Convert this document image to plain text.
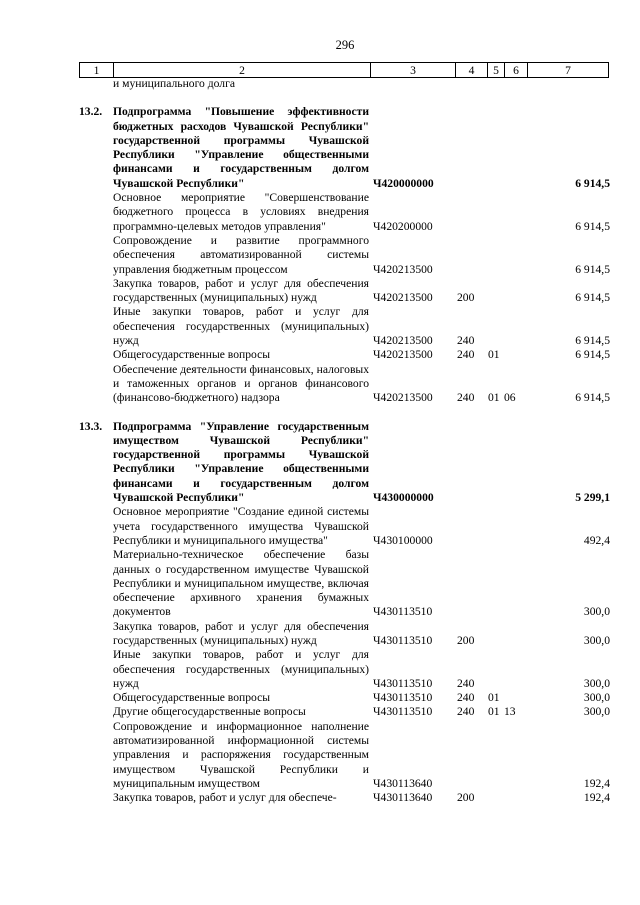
296
1	2	3	4	5	6	7
и муниципального долга
13.2. Подпрограмма "Повышение эффективности бюджетных расходов Чувашской Республики" государственной программы Чувашской Республики "Управление общественными финансами и государственным долгом Чувашской Республики"	Ч420000000	6 914,5
Основное мероприятие "Совершенствование бюджетного процесса в условиях внедрения программно-целевых методов управления"	Ч420200000	6 914,5
Сопровождение и развитие программного обеспечения автоматизированной системы управления бюджетным процессом	Ч420213500	6 914,5
Закупка товаров, работ и услуг для обеспечения государственных (муниципальных) нужд	Ч420213500	200	6 914,5
Иные закупки товаров, работ и услуг для обеспечения государственных (муниципальных) нужд	Ч420213500	240	6 914,5
Общегосударственные вопросы	Ч420213500	240	01	6 914,5
Обеспечение деятельности финансовых, налоговых и таможенных органов и органов финансового (финансово-бюджетного) надзора	Ч420213500	240	01 06	6 914,5
13.3. Подпрограмма "Управление государственным имуществом Чувашской Республики" государственной программы Чувашской Республики "Управление общественными финансами и государственным долгом Чувашской Республики"	Ч430000000	5 299,1
Основное мероприятие "Создание единой системы учета государственного имущества Чувашской Республики и муниципального имущества"	Ч430100000	492,4
Материально-техническое обеспечение базы данных о государственном имуществе Чувашской Республики и муниципальном имуществе, включая обеспечение архивного хранения бумажных документов	Ч430113510	300,0
Закупка товаров, работ и услуг для обеспечения государственных (муниципальных) нужд	Ч430113510	200	300,0
Иные закупки товаров, работ и услуг для обеспечения государственных (муниципальных) нужд	Ч430113510	240	300,0
Общегосударственные вопросы	Ч430113510	240	01	300,0
Другие общегосударственные вопросы	Ч430113510	240	01 13	300,0
Сопровождение и информационное наполнение автоматизированной информационной системы управления и распоряжения государственным имуществом Чувашской Республики и муниципальным имуществом	Ч430113640	192,4
Закупка товаров, работ и услуг для обеспече-	Ч430113640	200	192,4
